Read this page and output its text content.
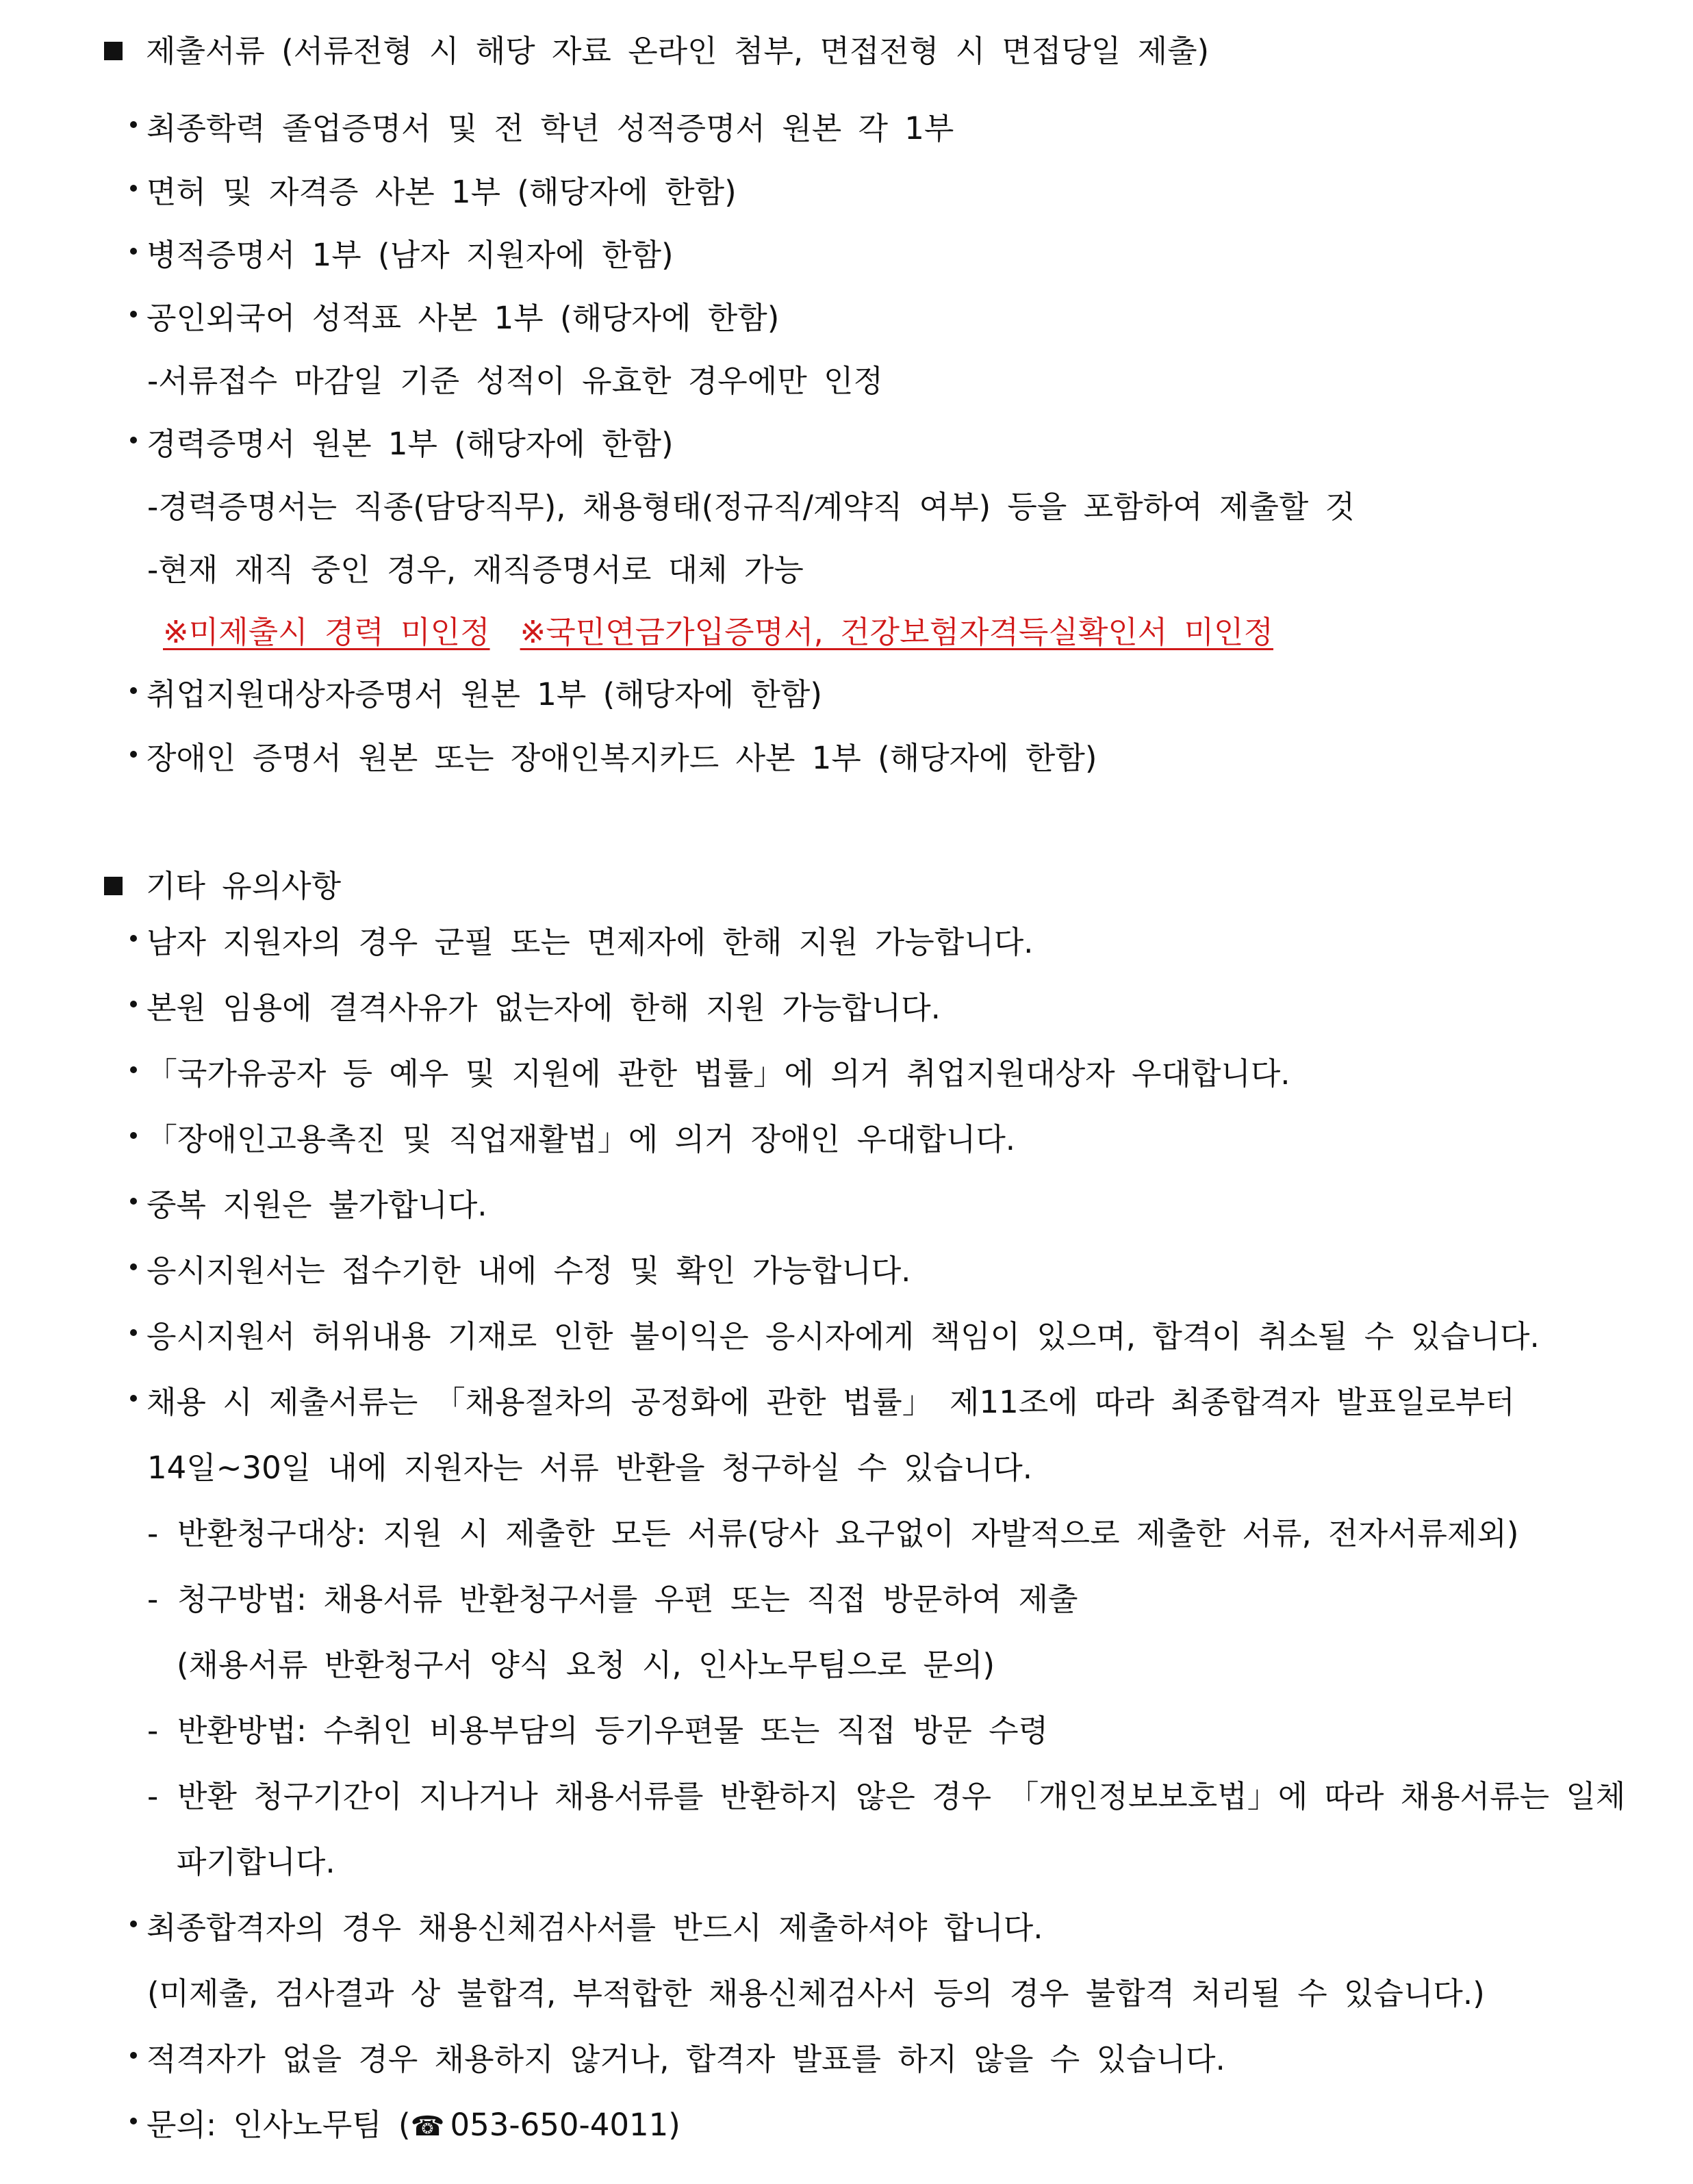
제출서류 (서류전형 시 해당 자료 온라인 첨부, 면접전형 시 면접당일 제출)
최종학력 졸업증명서 및 전 학년 성적증명서 원본 각 1부
면허 및 자격증 사본 1부 (해당자에 한함)
병적증명서 1부 (남자 지원자에 한함)
공인외국어 성적표 사본 1부 (해당자에 한함)
-서류접수 마감일 기준 성적이 유효한 경우에만 인정
경력증명서 원본 1부 (해당자에 한함)
-경력증명서는 직종(담당직무), 채용형태(정규직/계약직 여부) 등을 포함하여 제출할 것
-현재 재직 중인 경우, 재직증명서로 대체 가능
※미제출시 경력 미인정 ※국민연금가입증명서, 건강보험자격득실확인서 미인정
취업지원대상자증명서 원본 1부 (해당자에 한함)
장애인 증명서 원본 또는 장애인복지카드 사본 1부 (해당자에 한함)
기타 유의사항
남자 지원자의 경우 군필 또는 면제자에 한해 지원 가능합니다.
본원 임용에 결격사유가 없는자에 한해 지원 가능합니다.
「국가유공자 등 예우 및 지원에 관한 법률」에 의거 취업지원대상자 우대합니다.
「장애인고용촉진 및 직업재활법」에 의거 장애인 우대합니다.
중복 지원은 불가합니다.
응시지원서는 접수기한 내에 수정 및 확인 가능합니다.
응시지원서 허위내용 기재로 인한 불이익은 응시자에게 책임이 있으며, 합격이 취소될 수 있습니다.
채용 시 제출서류는 「채용절차의 공정화에 관한 법률」 제11조에 따라 최종합격자 발표일로부터
14일~30일 내에 지원자는 서류 반환을 청구하실 수 있습니다.
- 반환청구대상: 지원 시 제출한 모든 서류(당사 요구없이 자발적으로 제출한 서류, 전자서류제외)
- 청구방법: 채용서류 반환청구서를 우편 또는 직접 방문하여 제출
(채용서류 반환청구서 양식 요청 시, 인사노무팀으로 문의)
- 반환방법: 수취인 비용부담의 등기우편물 또는 직접 방문 수령
- 반환 청구기간이 지나거나 채용서류를 반환하지 않은 경우 「개인정보보호법」에 따라 채용서류는 일체
파기합니다.
최종합격자의 경우 채용신체검사서를 반드시 제출하셔야 합니다.
(미제출, 검사결과 상 불합격, 부적합한 채용신체검사서 등의 경우 불합격 처리될 수 있습니다.)
적격자가 없을 경우 채용하지 않거나, 합격자 발표를 하지 않을 수 있습니다.
문의: 인사노무팀 (☎ 053-650-4011)
